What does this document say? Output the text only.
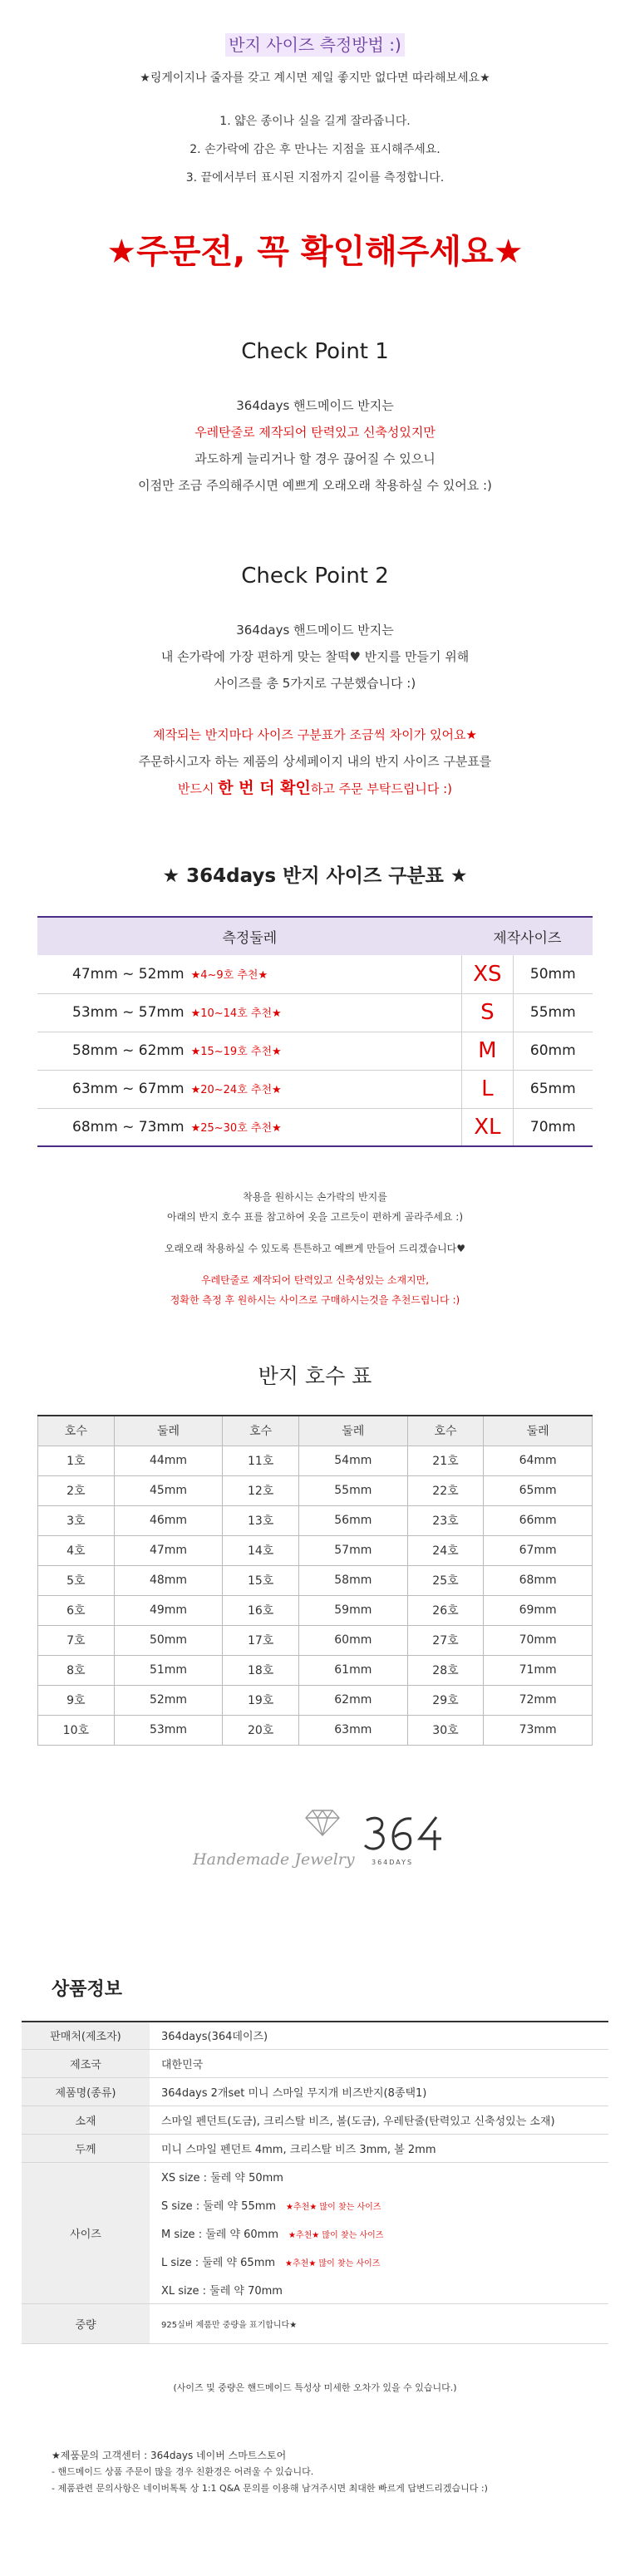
반지 사이즈 측정방법 :)
★링게이지나 줄자를 갖고 계시면 제일 좋지만 없다면 따라해보세요★
1. 얇은 종이나 실을 길게 잘라줍니다.
2. 손가락에 감은 후 만나는 지점을 표시해주세요.
3. 끝에서부터 표시된 지점까지 길이를 측정합니다.
★주문전, 꼭 확인해주세요★
Check Point 1
364days 핸드메이드 반지는
우레탄줄로 제작되어 탄력있고 신축성있지만
과도하게 늘리거나 할 경우 끊어질 수 있으니
이점만 조금 주의해주시면 예쁘게 오래오래 착용하실 수 있어요 :)
Check Point 2
364days 핸드메이드 반지는
내 손가락에 가장 편하게 맞는 찰떡♥ 반지를 만들기 위해
사이즈를 총 5가지로 구분했습니다 :)
제작되는 반지마다 사이즈 구분표가 조금씩 차이가 있어요★
주문하시고자 하는 제품의 상세페이지 내의 반지 사이즈 구분표를
반드시 한 번 더 확인하고 주문 부탁드립니다 :)
★ 364days 반지 사이즈 구분표 ★
측정둘레	제작사이즈	
47mm ~ 52mm ★4~9호 추천★	XS	50mm
53mm ~ 57mm ★10~14호 추천★	S	55mm
58mm ~ 62mm ★15~19호 추천★	M	60mm
63mm ~ 67mm ★20~24호 추천★	L	65mm
68mm ~ 73mm ★25~30호 추천★	XL	70mm
착용을 원하시는 손가락의 반지를
아래의 반지 호수 표를 참고하여 옷을 고르듯이 편하게 골라주세요 :)
오래오래 착용하실 수 있도록 튼튼하고 예쁘게 만들어 드리겠습니다♥
우레탄줄로 제작되어 탄력있고 신축성있는 소재지만,
정확한 측정 후 원하시는 사이즈로 구매하시는것을 추천드립니다 :)
반지 호수 표
호수	둘레	호수	둘레	호수	둘레
1호	44mm	11호	54mm	21호	64mm
2호	45mm	12호	55mm	22호	65mm
3호	46mm	13호	56mm	23호	66mm
4호	47mm	14호	57mm	24호	67mm
5호	48mm	15호	58mm	25호	68mm
6호	49mm	16호	59mm	26호	69mm
7호	50mm	17호	60mm	27호	70mm
8호	51mm	18호	61mm	28호	71mm
9호	52mm	19호	62mm	29호	72mm
10호	53mm	20호	63mm	30호	73mm
Handemade Jewelry	364DAYS
상품정보
판매처(제조자)	364days(364데이즈)
제조국	대한민국
제품명(종류)	364days 2개set 미니 스마일 무지개 비즈반지(8종택1)
소재	스마일 펜던트(도금), 크리스탈 비즈, 볼(도금), 우레탄줄(탄력있고 신축성있는 소재)
두께	미니 스마일 펜던트 4mm, 크리스탈 비즈 3mm, 볼 2mm
사이즈	XS size : 둘레 약 50mm
	S size : 둘레 약 55mm ★추천★ 많이 찾는 사이즈
	M size : 둘레 약 60mm ★추천★ 많이 찾는 사이즈
	L size : 둘레 약 65mm ★추천★ 많이 찾는 사이즈
	XL size : 둘레 약 70mm
중량	925실버 제품만 중량을 표기합니다★
(사이즈 및 중량은 핸드메이드 특성상 미세한 오차가 있을 수 있습니다.)
★제품문의 고객센터 : 364days 네이버 스마트스토어
- 핸드메이드 상품 주문이 많을 경우 친환경은 어려울 수 있습니다.
- 제품관련 문의사항은 네이버톡톡 상 1:1 Q&A 문의를 이용해 남겨주시면 최대한 빠르게 답변드리겠습니다 :)
